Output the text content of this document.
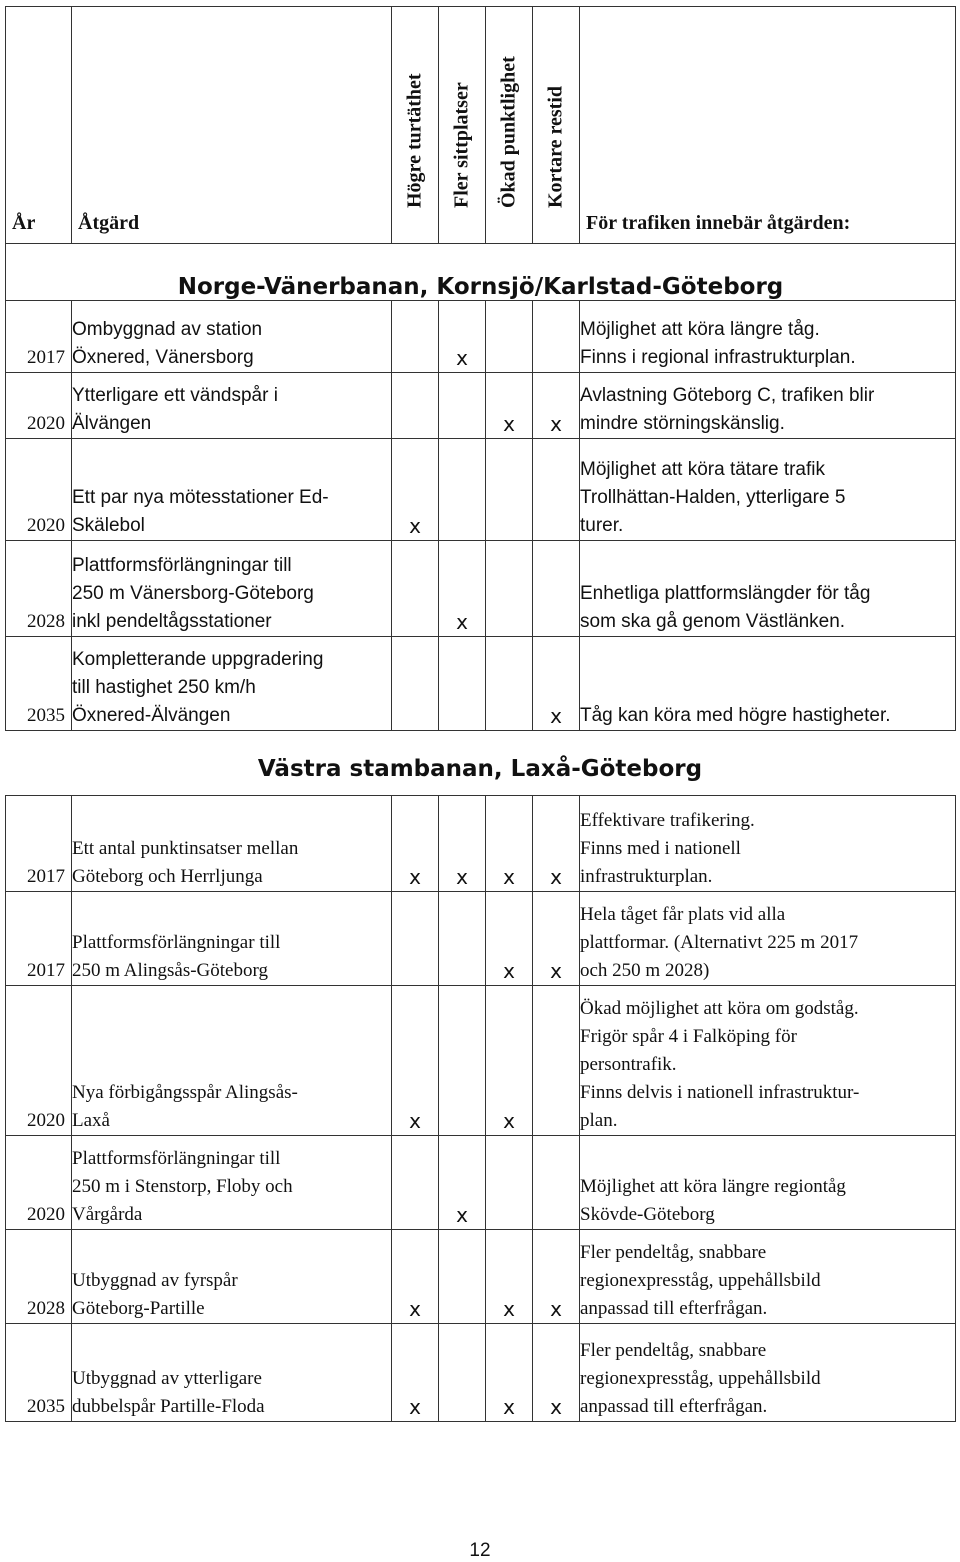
År	Åtgärd	Högre turtäthet	Fler sittplatser	Ökad punktlighet	Kortare restid	För trafiken innebär åtgärden:
Norge-Vänerbanan, Kornsjö/Karlstad-Göteborg						
2017	Ombyggnad av station
Öxnered, Vänersborg		x			Möjlighet att köra längre tåg.
Finns i regional infrastrukturplan.

2020	Ytterligare ett vändspår i
Älvängen			x	x	Avlastning Göteborg C, trafiken blir
mindre störningskänslig.

2020	Ett par nya mötesstationer Ed-
Skälebol	x				Möjlighet att köra tätare trafik
Trollhättan-Halden, ytterligare 5
turer.

2028	Plattformsförlängningar till
250 m Vänersborg-Göteborg
inkl pendeltågsstationer		x			Enhetliga plattformslängder för tåg
som ska gå genom Västlänken.

2035	Kompletterande uppgradering
till hastighet 250 km/h
Öxnered-Älvängen				x	Tåg kan köra med högre hastigheter.
2017	Ett antal punktinsatser mellan
Göteborg och Herrljunga	x	x	x	x	Effektivare trafikering.
Finns med i nationell
infrastrukturplan.

2017	Plattformsförlängningar till
250 m Alingsås-Göteborg			x	x	Hela tåget får plats vid alla
plattformar. (Alternativt 225 m 2017
och 250 m 2028)

2020	Nya förbigångsspår Alingsås-
Laxå	x		x		Ökad möjlighet att köra om godståg.
Frigör spår 4 i Falköping för
persontrafik.
Finns delvis i nationell infrastruktur-
plan.

2020	Plattformsförlängningar till
250 m i Stenstorp, Floby och
Vårgårda		x			Möjlighet att köra längre regiontåg
Skövde-Göteborg

2028	Utbyggnad av fyrspår
Göteborg-Partille	x		x	x	Fler pendeltåg, snabbare
regionexpresståg, uppehållsbild
anpassad till efterfrågan.

2035	Utbyggnad av ytterligare
dubbelspår Partille-Floda	x		x	x	Fler pendeltåg, snabbare
regionexpresståg, uppehållsbild
anpassad till efterfrågan.
Västra stambanan, Laxå-Göteborg
12
